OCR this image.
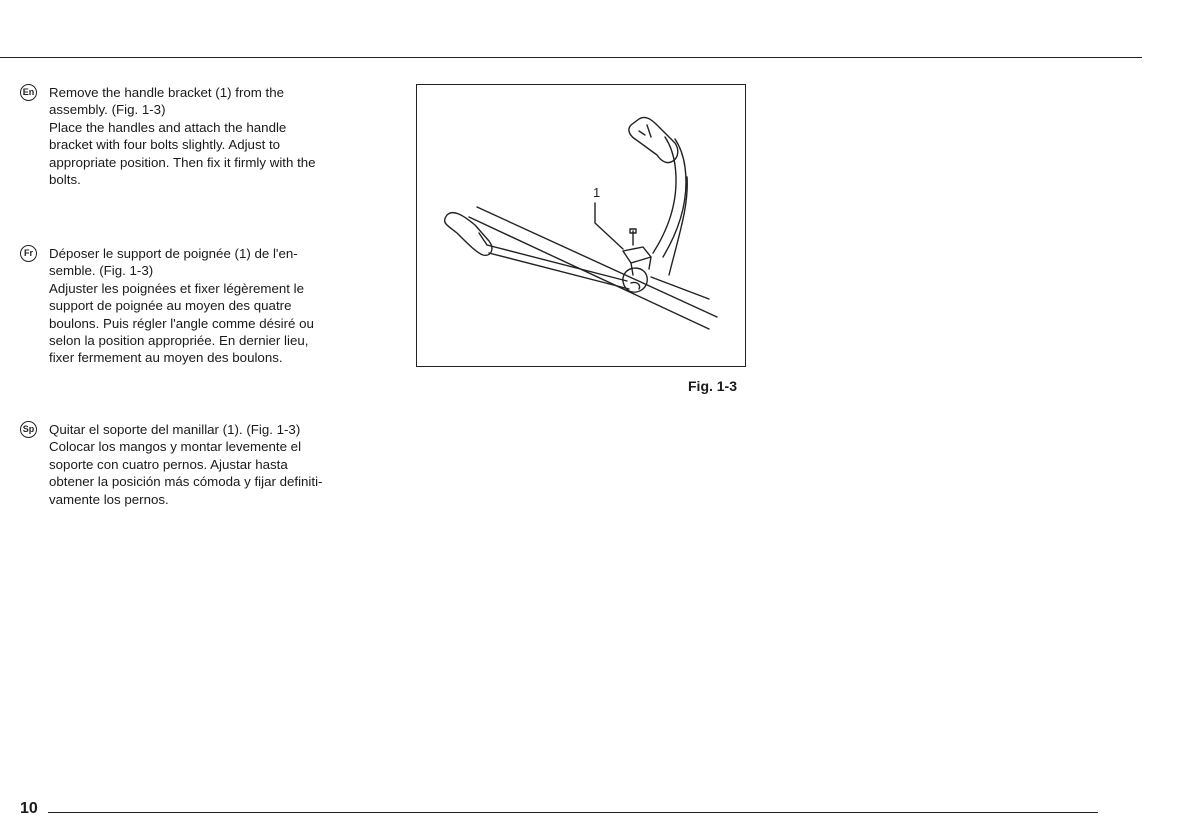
En Remove the handle bracket (1) from the
assembly. (Fig. 1-3)
Place the handles and attach the handle
bracket with four bolts slightly. Adjust to
appropriate position. Then fix it firmly with the
bolts.

Fr	Déposer le support de poignée (1) de l'en-
semble. (Fig. 1-3)
Adjuster les poignées et fixer légèrement le
support de poignée au moyen des quatre
boulons. Puis régler l'angle comme désiré ou
selon la position appropriée. En dernier lieu,
fixer fermement au moyen des boulons.

Sp Quitar el soporte del manillar (1). (Fig. 1-3)
Colocar los mangos y montar levemente el
soporte con cuatro pernos. Ajustar hasta
obtener la posición más cómoda y fijar definiti-
vamente los pernos.

1
Fig. 1-3
10
